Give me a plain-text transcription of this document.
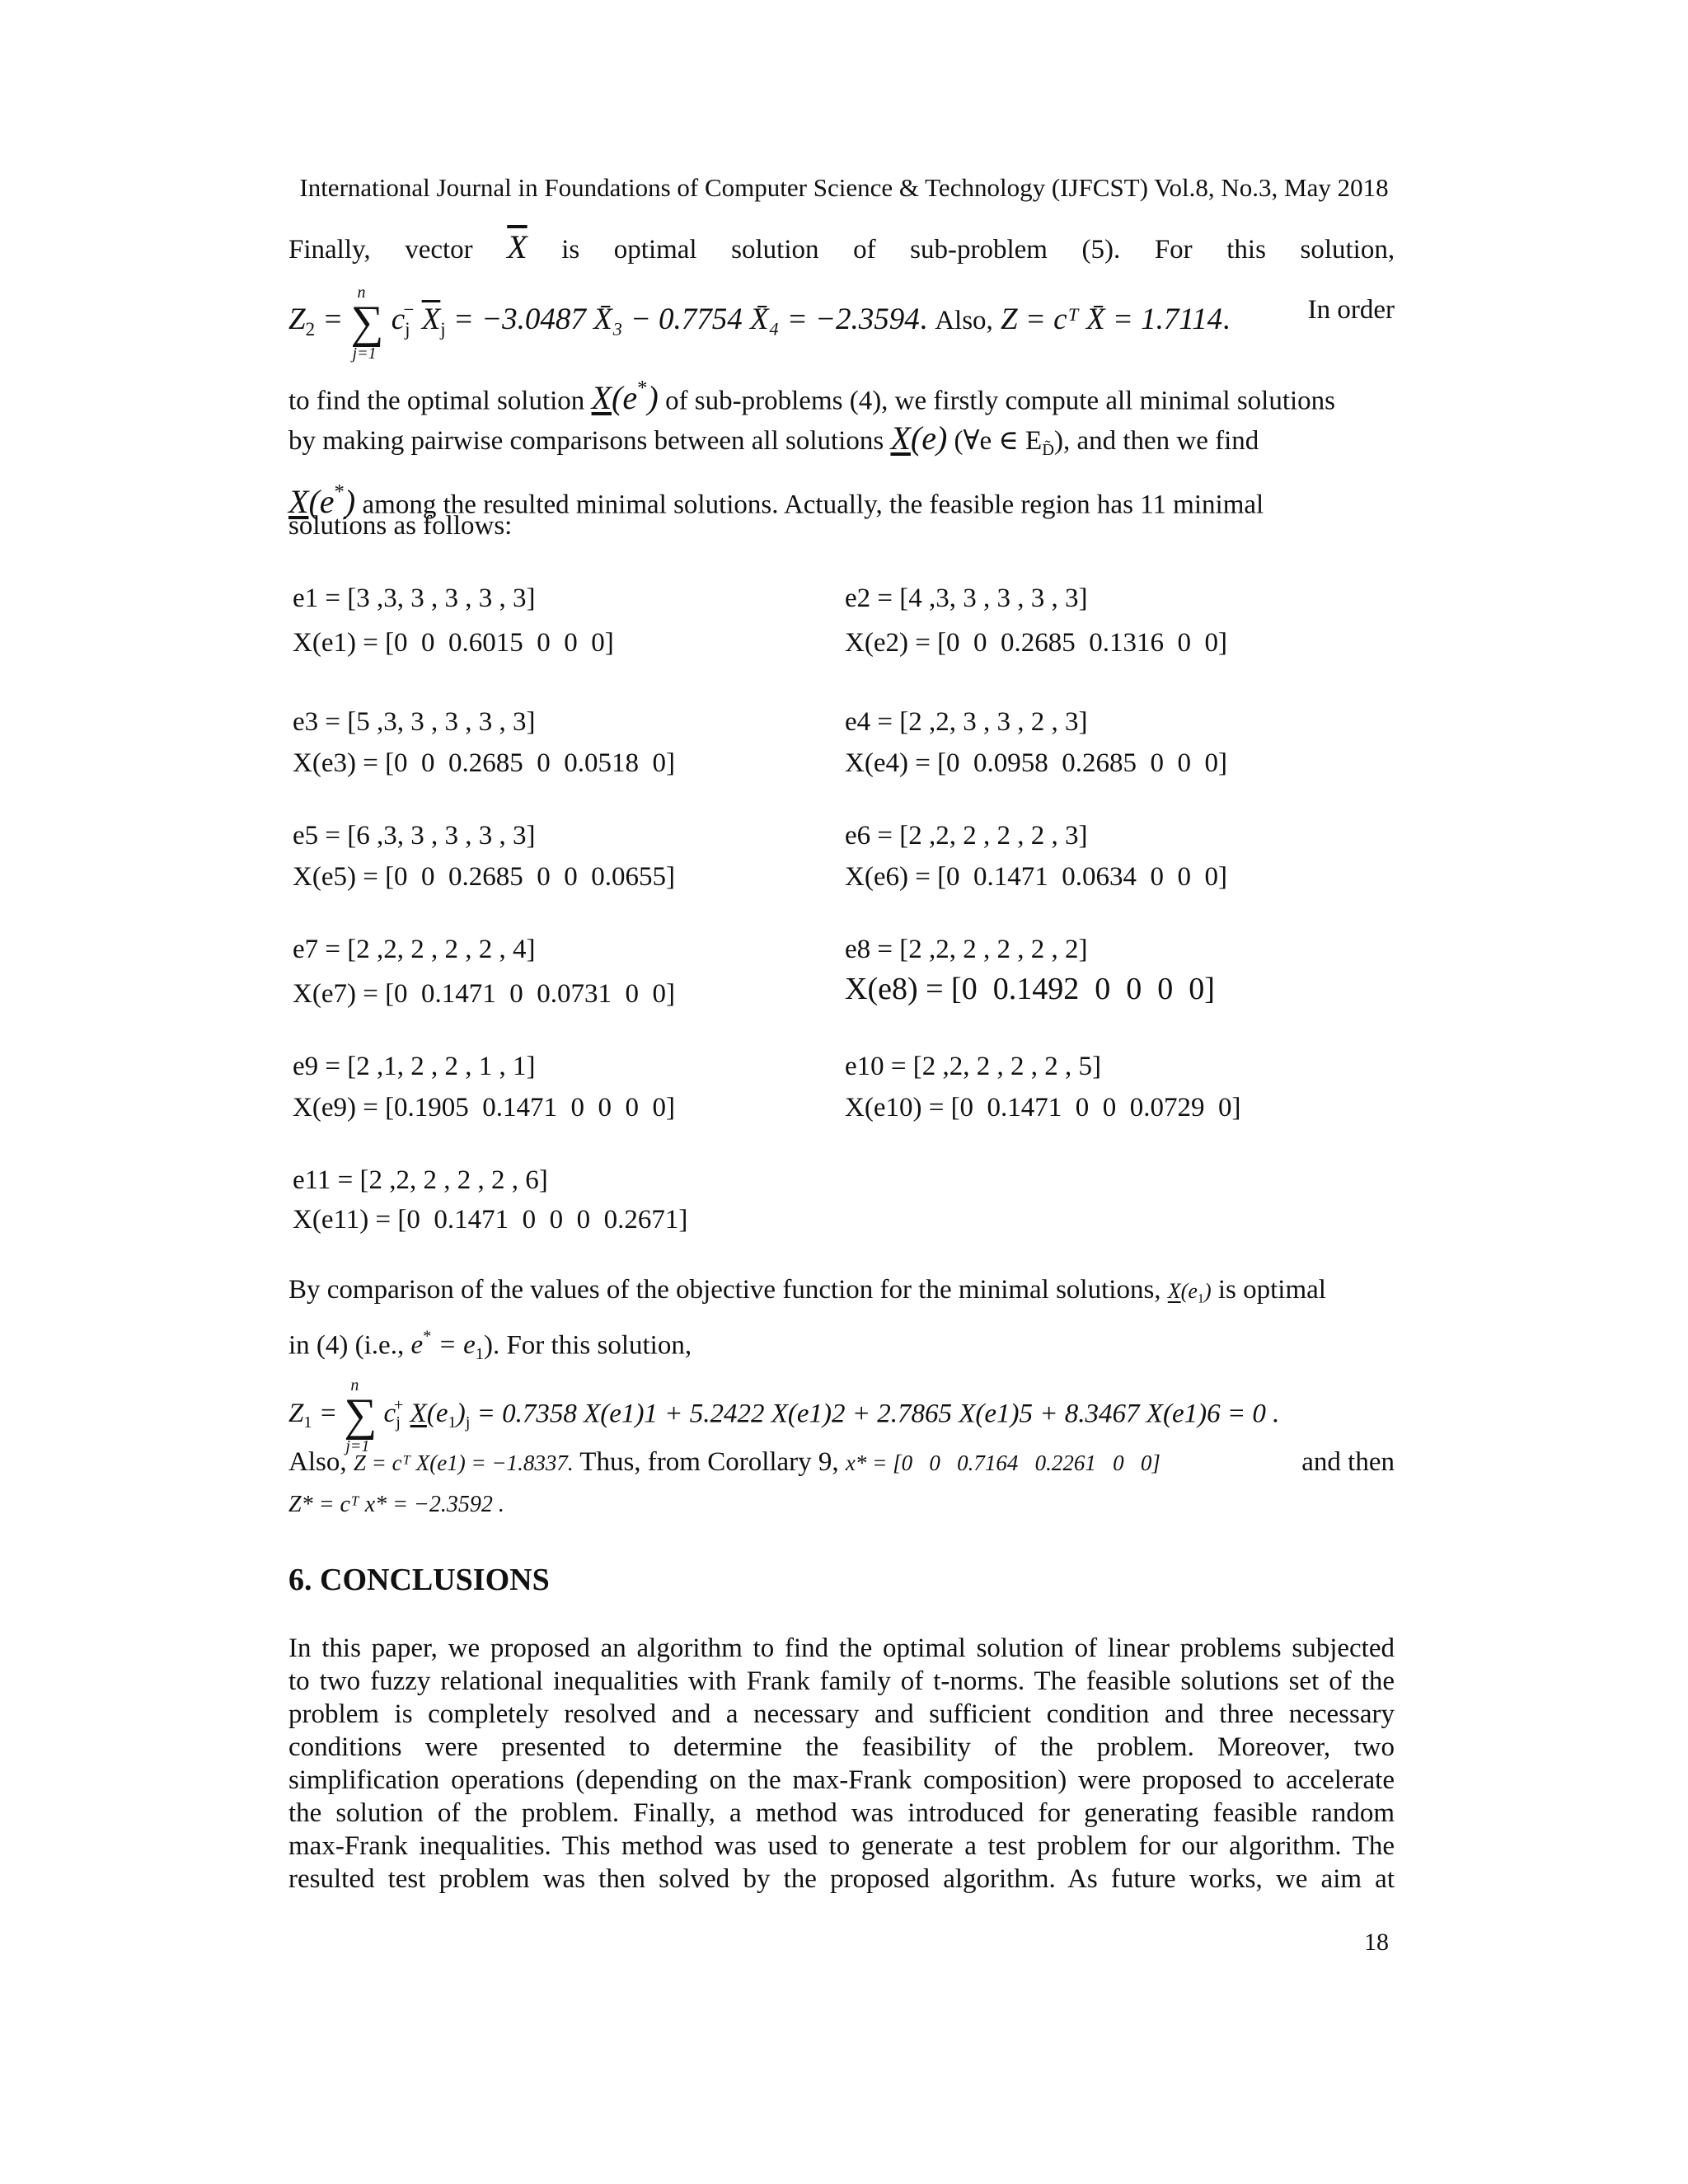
International Journal in Foundations of Computer Science & Technology (IJFCST) Vol.8, No.3, May 2018
Finally, vector $\overline{X}$ is optimal solution of sub-problem (5). For this solution,
$Z_2$ = ∑
n
j=1
$c_j^-$ $\overline{X}_j = -3.0487$ X̄₃ − 0.7754 X̄₄ = −2.3594. Also, Z = cᵀ X̄ = 1.7114.	In order
to find the optimal solution X(e*) of sub-problems (4), we firstly compute all minimal solutions
by making pairwise comparisons between all solutions X(e) (∀e ∈ $E_{D̃}$), and then we find
X(e*) among the resulted minimal solutions. Actually, the feasible region has 11 minimal
solutions as follows:
e1 = [3 ,3, 3 , 3 , 3 , 3]
X(e1) = [0  0  0.6015  0  0  0]
e2 = [4 ,3, 3 , 3 , 3 , 3]
X(e2) = [0  0  0.2685  0.1316  0  0]
e3 = [5 ,3, 3 , 3 , 3 , 3]
X(e3) = [0  0  0.2685  0  0.0518  0]
e4 = [2 ,2, 3 , 3 , 2 , 3]
X(e4) = [0  0.0958  0.2685  0  0  0]
e5 = [6 ,3, 3 , 3 , 3 , 3]
X(e5) = [0  0  0.2685  0  0  0.0655]
e6 = [2 ,2, 2 , 2 , 2 , 3]
X(e6) = [0  0.1471  0.0634  0  0  0]
e7 = [2 ,2, 2 , 2 , 2 , 4]
X(e7) = [0  0.1471  0  0.0731  0  0]
e8 = [2 ,2, 2 , 2 , 2 , 2]
X(e8) = [0  0.1492  0  0  0  0]
e9 = [2 ,1, 2 , 2 , 1 , 1]
X(e9) = [0.1905  0.1471  0  0  0  0]
e10 = [2 ,2, 2 , 2 , 2 , 5]
X(e10) = [0  0.1471  0  0  0.0729  0]
e11 = [2 ,2, 2 , 2 , 2 , 6]
X(e11) = [0  0.1471  0  0  0  0.2671]
By comparison of the values of the objective function for the minimal solutions, $X(e_1)$ is optimal
in (4) (i.e., $e^* = e_1$). For this solution,
$Z_1$ = ∑
n
j=1
$c_j^+$ $X(e_1)_j = 0.7358$ X(e1)1 + 5.2422 X(e1)2 + 2.7865 X(e1)5 + 8.3467 X(e1)6 = 0 .
Also, Z = cᵀ X(e1) = −1.8337. Thus, from Corollary 9, x* = [0   0   0.7164   0.2261   0   0]	and then
Z* = cᵀ x* = −2.3592 .
6. CONCLUSIONS
In this paper, we proposed an algorithm to find the optimal solution of linear problems subjected
to two fuzzy relational inequalities with Frank family of t-norms. The feasible solutions set of the
problem is completely resolved and a necessary and sufficient condition and three necessary
conditions were presented to determine the feasibility of the problem. Moreover, two
simplification operations (depending on the max-Frank composition) were proposed to accelerate
the solution of the problem. Finally, a method was introduced for generating feasible random
max-Frank inequalities. This method was used to generate a test problem for our algorithm. The
resulted test problem was then solved by the proposed algorithm. As future works, we aim at
18
